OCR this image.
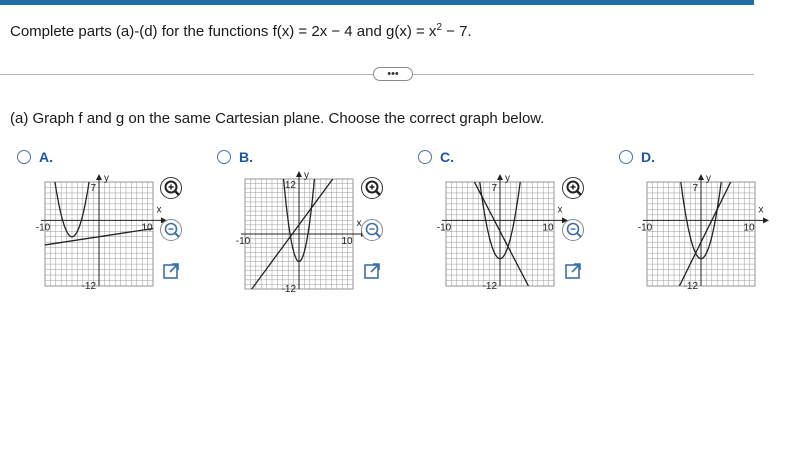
Complete parts (a)-(d) for the functions f(x) = 2x − 4 and $g(x) = x^2 - 7$.
•••
(a) Graph f and g on the same Cartesian plane. Choose the correct graph below.
A.
7
-12
-10	10
x
y
B.
12
-12
-10	10
x
y
C.
7
-12
-10	10
x
y
D.
7
-12
-10	10
x
y
